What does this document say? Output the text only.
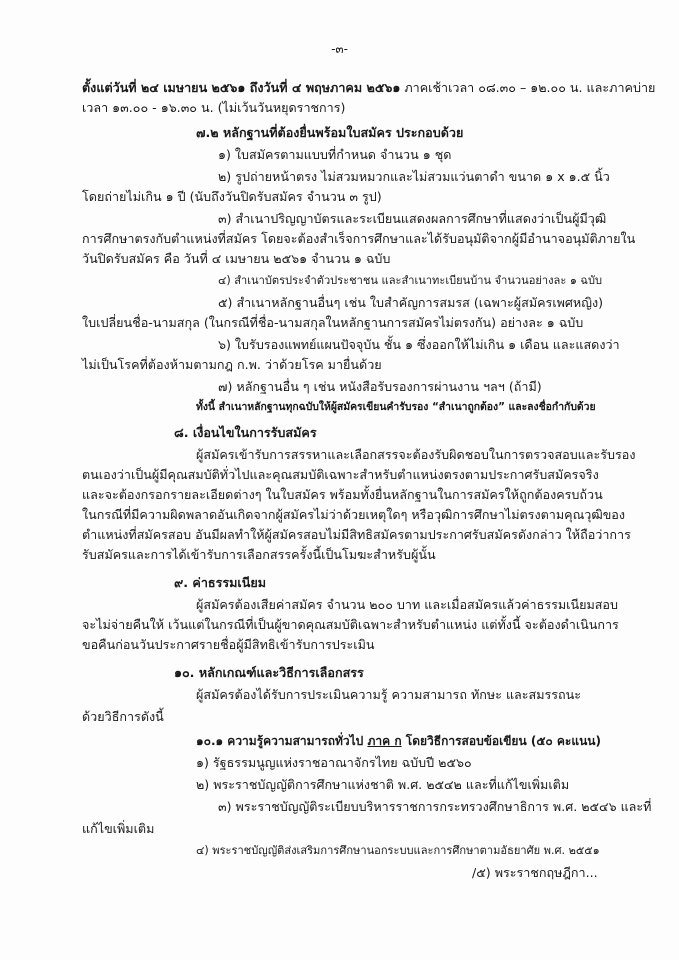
-๓-
ตั้งแต่วันที่ ๒๔ เมษายน ๒๕๖๑ ถึงวันที่ ๔ พฤษภาคม ๒๕๖๑ ภาคเช้าเวลา ๐๘.๓๐ – ๑๒.๐๐ น. และภาคบ่าย
เวลา ๑๓.๐๐ - ๑๖.๓๐ น. (ไม่เว้นวันหยุดราชการ)
๗.๒ หลักฐานที่ต้องยื่นพร้อมใบสมัคร ประกอบด้วย
๑) ใบสมัครตามแบบที่กำหนด จำนวน ๑ ชุด
๒) รูปถ่ายหน้าตรง ไม่สวมหมวกและไม่สวมแว่นตาดำ ขนาด ๑ x ๑.๕ นิ้ว
โดยถ่ายไม่เกิน ๑ ปี (นับถึงวันปิดรับสมัคร จำนวน ๓ รูป)
๓) สำเนาปริญญาบัตรและระเบียนแสดงผลการศึกษาที่แสดงว่าเป็นผู้มีวุฒิ
การศึกษาตรงกับตำแหน่งที่สมัคร โดยจะต้องสำเร็จการศึกษาและได้รับอนุมัติจากผู้มีอำนาจอนุมัติภายใน
วันปิดรับสมัคร คือ วันที่ ๔ เมษายน ๒๕๖๑ จำนวน ๑ ฉบับ
๔) สำเนาบัตรประจำตัวประชาชน และสำเนาทะเบียนบ้าน จำนวนอย่างละ ๑ ฉบับ
๕) สำเนาหลักฐานอื่นๆ เช่น ใบสำคัญการสมรส (เฉพาะผู้สมัครเพศหญิง)
ใบเปลี่ยนชื่อ-นามสกุล (ในกรณีที่ชื่อ-นามสกุลในหลักฐานการสมัครไม่ตรงกัน) อย่างละ ๑ ฉบับ
๖) ใบรับรองแพทย์แผนปัจจุบัน ชั้น ๑ ซึ่งออกให้ไม่เกิน ๑ เดือน และแสดงว่า
ไม่เป็นโรคที่ต้องห้ามตามกฎ ก.พ. ว่าด้วยโรค มายื่นด้วย
๗) หลักฐานอื่น ๆ เช่น หนังสือรับรองการผ่านงาน ฯลฯ (ถ้ามี)
ทั้งนี้ สำเนาหลักฐานทุกฉบับให้ผู้สมัครเขียนคำรับรอง “สำเนาถูกต้อง” และลงชื่อกำกับด้วย
๘. เงื่อนไขในการรับสมัคร
ผู้สมัครเข้ารับการสรรหาและเลือกสรรจะต้องรับผิดชอบในการตรวจสอบและรับรอง
ตนเองว่าเป็นผู้มีคุณสมบัติทั่วไปและคุณสมบัติเฉพาะสำหรับตำแหน่งตรงตามประกาศรับสมัครจริง
และจะต้องกรอกรายละเอียดต่างๆ ในใบสมัคร พร้อมทั้งยื่นหลักฐานในการสมัครให้ถูกต้องครบถ้วน
ในกรณีที่มีความผิดพลาดอันเกิดจากผู้สมัครไม่ว่าด้วยเหตุใดๆ หรือวุฒิการศึกษาไม่ตรงตามคุณวุฒิของ
ตำแหน่งที่สมัครสอบ อันมีผลทำให้ผู้สมัครสอบไม่มีสิทธิสมัครตามประกาศรับสมัครดังกล่าว ให้ถือว่าการ
รับสมัครและการได้เข้ารับการเลือกสรรครั้งนี้เป็นโมฆะสำหรับผู้นั้น
๙. ค่าธรรมเนียม
ผู้สมัครต้องเสียค่าสมัคร จำนวน ๒๐๐ บาท และเมื่อสมัครแล้วค่าธรรมเนียมสอบ
จะไม่จ่ายคืนให้ เว้นแต่ในกรณีที่เป็นผู้ขาดคุณสมบัติเฉพาะสำหรับตำแหน่ง แต่ทั้งนี้ จะต้องดำเนินการ
ขอคืนก่อนวันประกาศรายชื่อผู้มีสิทธิเข้ารับการประเมิน
๑๐. หลักเกณฑ์และวิธีการเลือกสรร
ผู้สมัครต้องได้รับการประเมินความรู้ ความสามารถ ทักษะ และสมรรถนะ
ด้วยวิธีการดังนี้
๑๐.๑ ความรู้ความสามารถทั่วไป ภาค ก โดยวิธีการสอบข้อเขียน (๕๐ คะแนน)
๑) รัฐธรรมนูญแห่งราชอาณาจักรไทย ฉบับปี ๒๕๖๐
๒) พระราชบัญญัติการศึกษาแห่งชาติ พ.ศ. ๒๕๔๒ และที่แก้ไขเพิ่มเติม
๓) พระราชบัญญัติระเบียบบริหารราชการกระทรวงศึกษาธิการ พ.ศ. ๒๕๔๖ และที่
แก้ไขเพิ่มเติม
๔) พระราชบัญญัติส่งเสริมการศึกษานอกระบบและการศึกษาตามอัธยาศัย พ.ศ. ๒๕๕๑
/๕) พระราชกฤษฎีกา...
